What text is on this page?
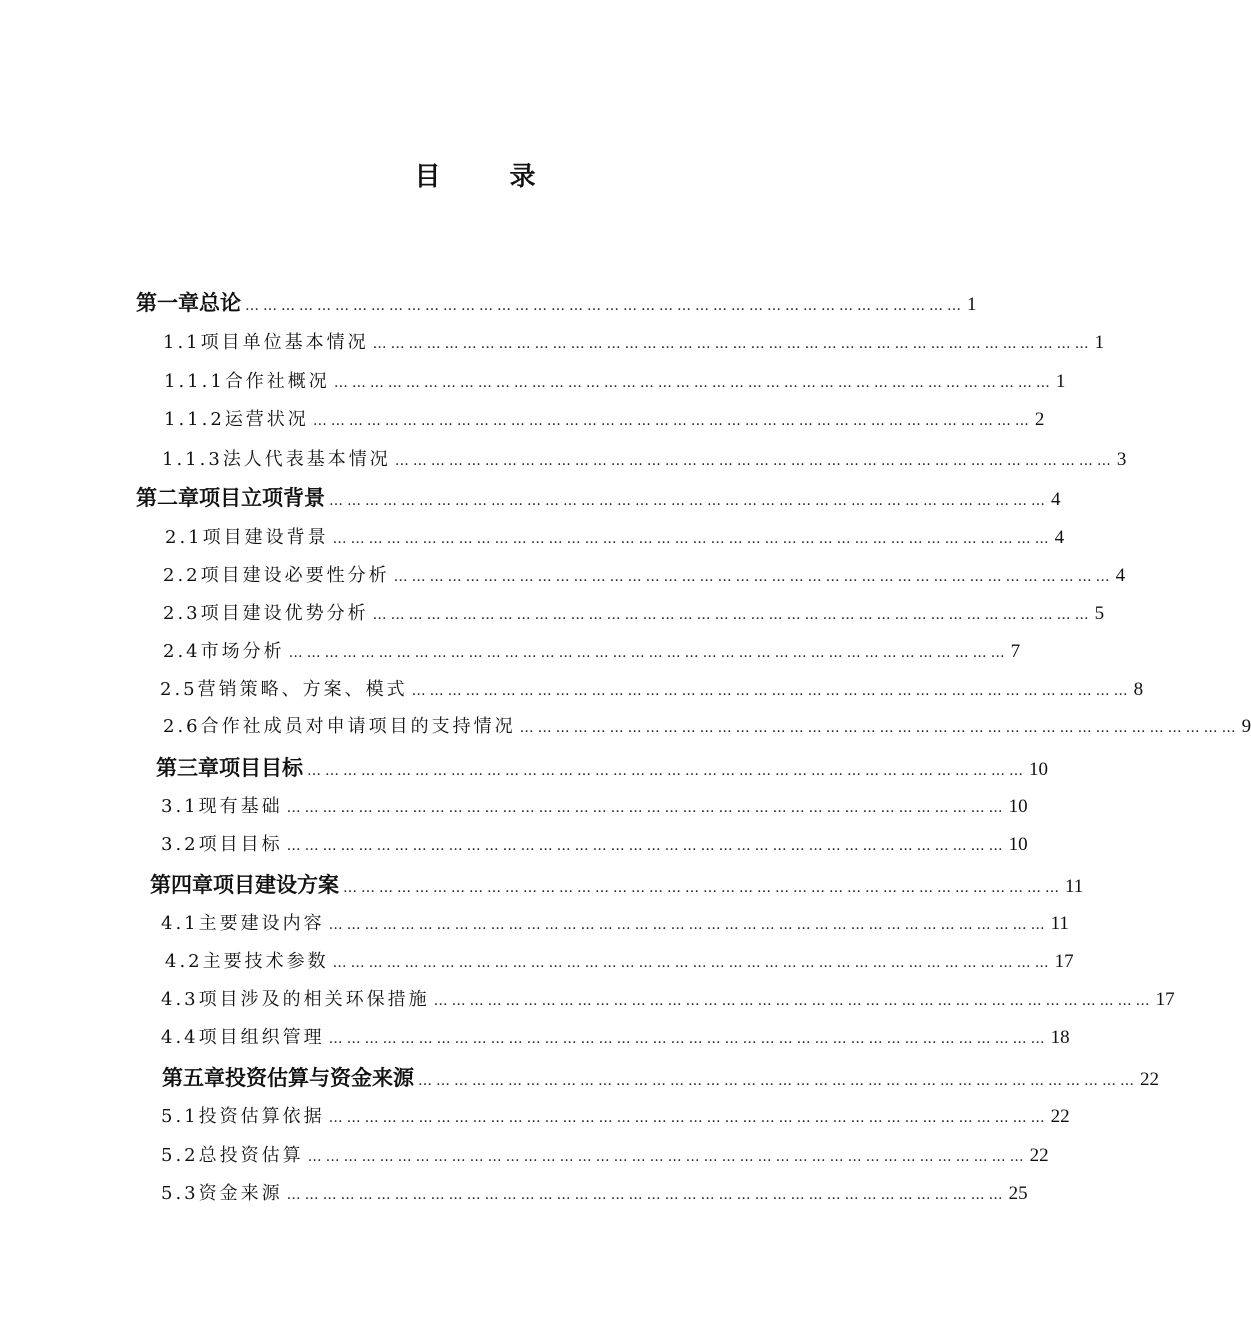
目 录
第一章 总论 ………………………………………………………………………………………………………… 1
1.1 项目单位基本情况 ………………………………………………………………………………………………………… 1
1.1.1 合作社概况 ………………………………………………………………………………………………………… 1
1.1.2 运营状况 ………………………………………………………………………………………………………… 2
1.1.3 法人代表基本情况 ………………………………………………………………………………………………………… 3
第二章 项目立项背景 ………………………………………………………………………………………………………… 4
2.1 项目建设背景 ………………………………………………………………………………………………………… 4
2.2 项目建设必要性分析 ………………………………………………………………………………………………………… 4
2.3 项目建设优势分析 ………………………………………………………………………………………………………… 5
2.4 市场分析 ………………………………………………………………………………………………………… 7
2.5 营销策略、方案、模式 ………………………………………………………………………………………………………… 8
2.6 合作社成员对申请项目的支持情况 ………………………………………………………………………………………………………… 9
第三章 项目目标 ………………………………………………………………………………………………………… 10
3.1 现有基础 ………………………………………………………………………………………………………… 10
3.2 项目目标 ………………………………………………………………………………………………………… 10
第四章 项目建设方案 ………………………………………………………………………………………………………… 11
4.1 主要建设内容 ………………………………………………………………………………………………………… 11
4.2 主要技术参数 ………………………………………………………………………………………………………… 17
4.3 项目涉及的相关环保措施 ………………………………………………………………………………………………………… 17
4.4 项目组织管理 ………………………………………………………………………………………………………… 18
第五章 投资估算与资金来源 ………………………………………………………………………………………………………… 22
5.1 投资估算依据 ………………………………………………………………………………………………………… 22
5.2 总投资估算 ………………………………………………………………………………………………………… 22
5.3 资金来源 ………………………………………………………………………………………………………… 25
